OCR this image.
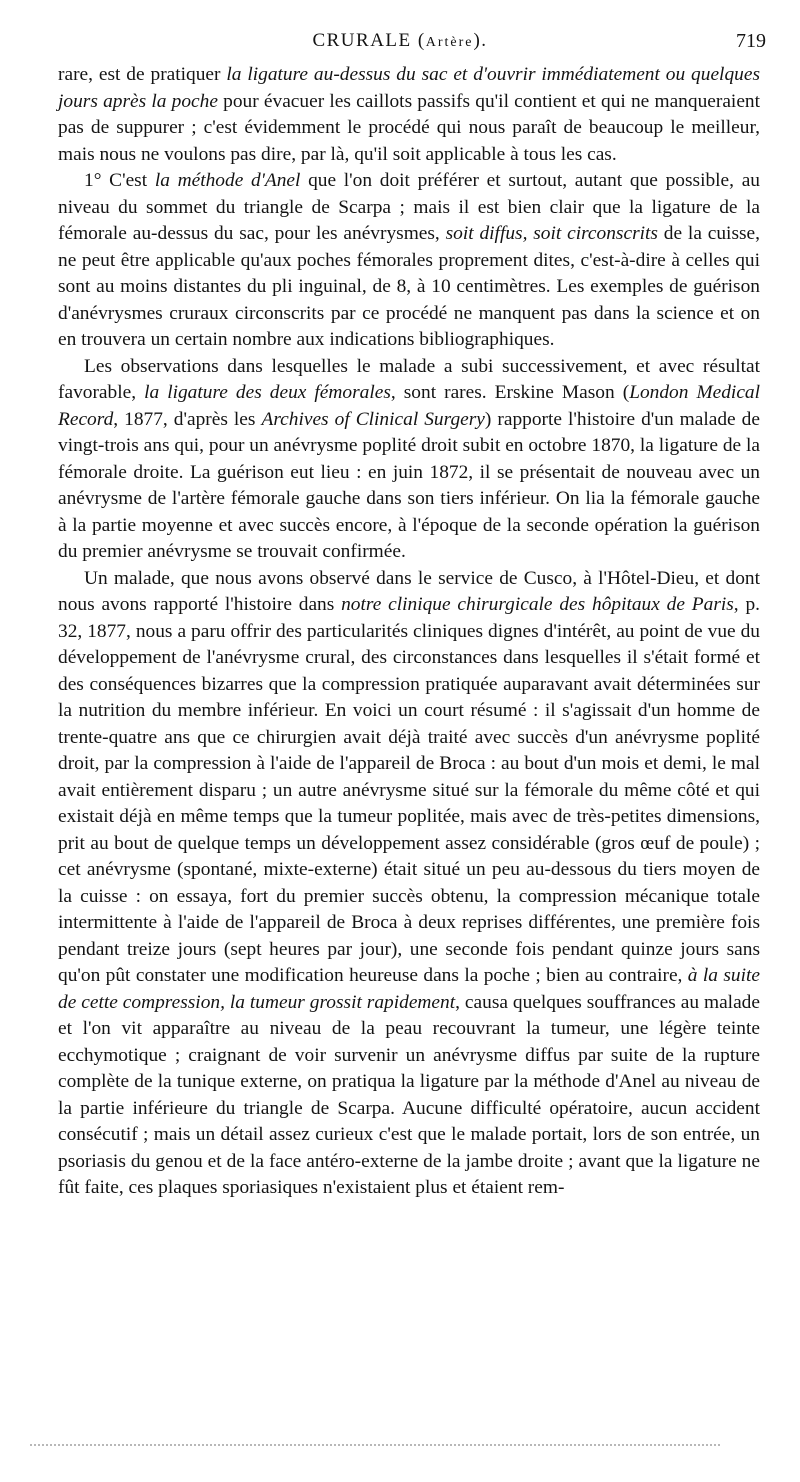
CRURALE (Artère).	719

rare, est de pratiquer la ligature au-dessus du sac et d'ouvrir immédiatement ou quelques jours après la poche pour évacuer les caillots passifs qu'il contient et qui ne manqueraient pas de suppurer ; c'est évidemment le procédé qui nous paraît de beaucoup le meilleur, mais nous ne voulons pas dire, par là, qu'il soit applicable à tous les cas.

1° C'est la méthode d'Anel que l'on doit préférer et surtout, autant que possible, au niveau du sommet du triangle de Scarpa ; mais il est bien clair que la ligature de la fémorale au-dessus du sac, pour les anévrysmes, soit diffus, soit circonscrits de la cuisse, ne peut être applicable qu'aux poches fémorales proprement dites, c'est-à-dire à celles qui sont au moins distantes du pli inguinal, de 8, à 10 centimètres. Les exemples de guérison d'anévrysmes cruraux circonscrits par ce procédé ne manquent pas dans la science et on en trouvera un certain nombre aux indications bibliographiques.

Les observations dans lesquelles le malade a subi successivement, et avec résultat favorable, la ligature des deux fémorales, sont rares. Erskine Mason (London Medical Record, 1877, d'après les Archives of Clinical Surgery) rapporte l'histoire d'un malade de vingt-trois ans qui, pour un anévrysme poplité droit subit en octobre 1870, la ligature de la fémorale droite. La guérison eut lieu : en juin 1872, il se présentait de nouveau avec un anévrysme de l'artère fémorale gauche dans son tiers inférieur. On lia la fémorale gauche à la partie moyenne et avec succès encore, à l'époque de la seconde opération la guérison du premier anévrysme se trouvait confirmée.

Un malade, que nous avons observé dans le service de Cusco, à l'Hôtel-Dieu, et dont nous avons rapporté l'histoire dans notre clinique chirurgicale des hôpitaux de Paris, p. 32, 1877, nous a paru offrir des particularités cliniques dignes d'intérêt, au point de vue du développement de l'anévrysme crural, des circonstances dans lesquelles il s'était formé et des conséquences bizarres que la compression pratiquée auparavant avait déterminées sur la nutrition du membre inférieur. En voici un court résumé : il s'agissait d'un homme de trente-quatre ans que ce chirurgien avait déjà traité avec succès d'un anévrysme poplité droit, par la compression à l'aide de l'appareil de Broca : au bout d'un mois et demi, le mal avait entièrement disparu ; un autre anévrysme situé sur la fémorale du même côté et qui existait déjà en même temps que la tumeur poplitée, mais avec de très-petites dimensions, prit au bout de quelque temps un développement assez considérable (gros œuf de poule) ; cet anévrysme (spontané, mixte-externe) était situé un peu au-dessous du tiers moyen de la cuisse : on essaya, fort du premier succès obtenu, la compression mécanique totale intermittente à l'aide de l'appareil de Broca à deux reprises différentes, une première fois pendant treize jours (sept heures par jour), une seconde fois pendant quinze jours sans qu'on pût constater une modification heureuse dans la poche ; bien au contraire, à la suite de cette compression, la tumeur grossit rapidement, causa quelques souffrances au malade et l'on vit apparaître au niveau de la peau recouvrant la tumeur, une légère teinte ecchymotique ; craignant de voir survenir un anévrysme diffus par suite de la rupture complète de la tunique externe, on pratiqua la ligature par la méthode d'Anel au niveau de la partie inférieure du triangle de Scarpa. Aucune difficulté opératoire, aucun accident consécutif ; mais un détail assez curieux c'est que le malade portait, lors de son entrée, un psoriasis du genou et de la face antéro-externe de la jambe droite ; avant que la ligature ne fût faite, ces plaques sporiasiques n'existaient plus et étaient rem-
